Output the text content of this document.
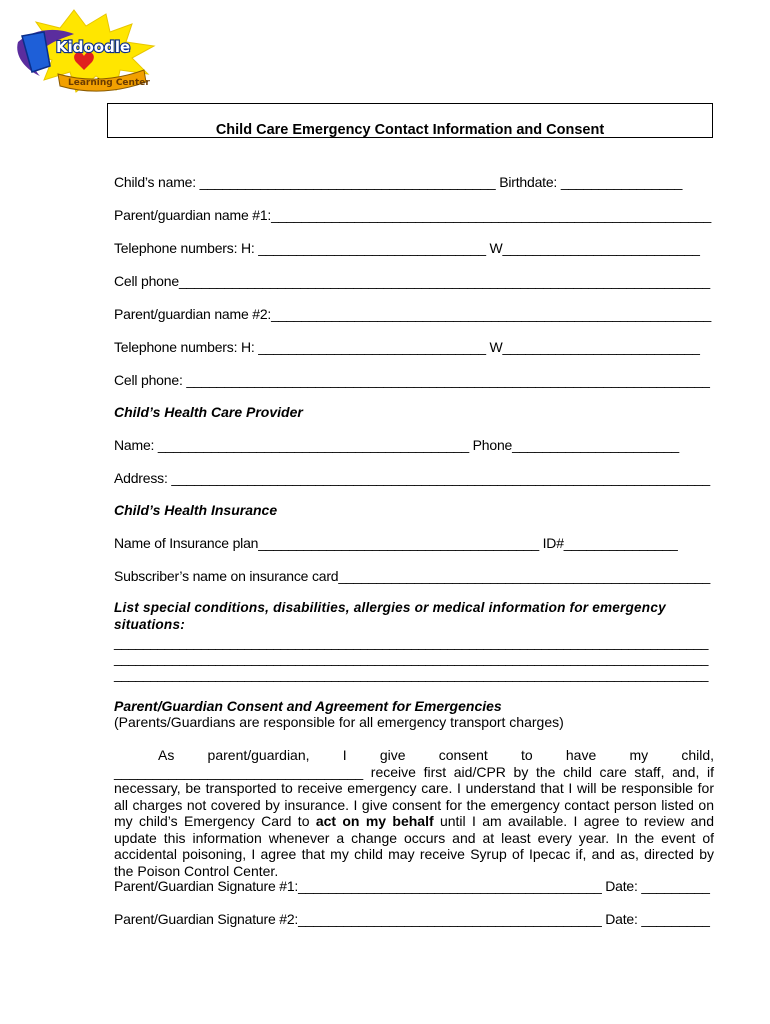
Kidoodle
Learning Center
Child Care Emergency Contact Information and Consent
Child’s name: _______________________________________ Birthdate: ________________
Parent/guardian name #1:__________________________________________________________
Telephone numbers: H: ______________________________ W__________________________
Cell phone______________________________________________________________________
Parent/guardian name #2:__________________________________________________________
Telephone numbers: H: ______________________________ W__________________________
Cell phone: _____________________________________________________________________
Child’s Health Care Provider
Name: _________________________________________ Phone______________________
Address: _______________________________________________________________________
Child’s Health Insurance
Name of Insurance plan_____________________________________ ID#_______________
Subscriber’s name on insurance card_________________________________________________
List special conditions, disabilities, allergies or medical information for emergency
situations:
__________________________________________________________________________________
__________________________________________________________________________________
__________________________________________________________________________________
Parent/Guardian Consent and Agreement for Emergencies
(Parents/Guardians are responsible for all emergency transport charges)
As parent/guardian, I give consent to have my child, ________________________________ receive first aid/CPR by the child care staff, and, if necessary, be transported to receive emergency care. I understand that I will be responsible for all charges not covered by insurance. I give consent for the emergency contact person listed on my child’s Emergency Card to act on my behalf until I am available. I agree to review and update this information whenever a change occurs and at least every year. In the event of accidental poisoning, I agree that my child may receive Syrup of Ipecac if, and as, directed by the Poison Control Center.
Parent/Guardian Signature #1:________________________________________ Date: _________
Parent/Guardian Signature #2:________________________________________ Date: _________
